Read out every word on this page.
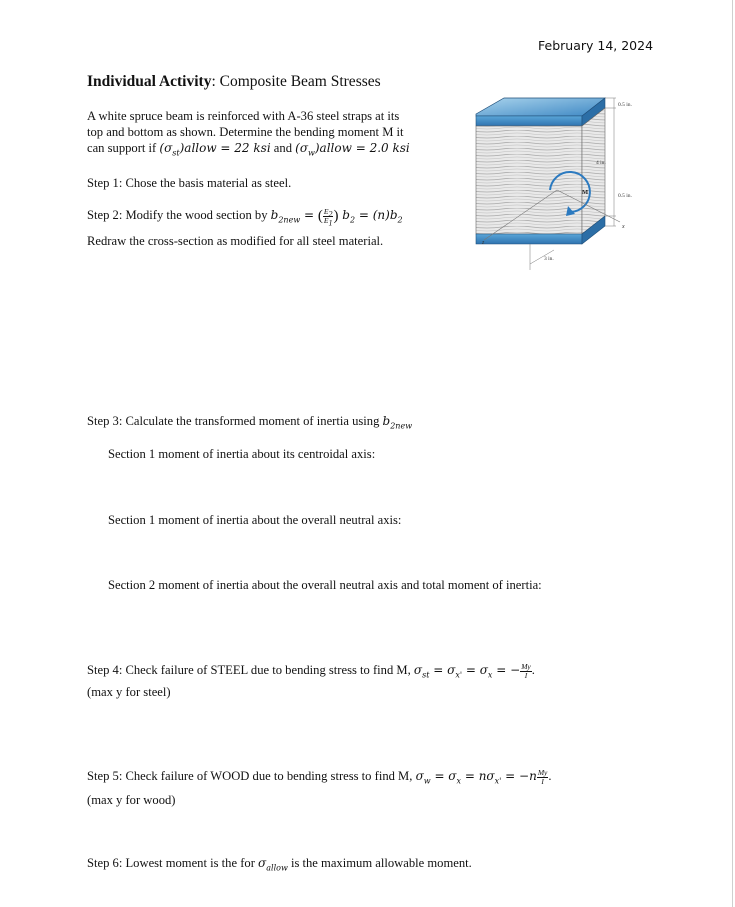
February 14, 2024
Individual Activity: Composite Beam Stresses
A white spruce beam is reinforced with A-36 steel straps at its
top and bottom as shown. Determine the bending moment M it
can support if $(\sigma_{st})allow = 22$ ksi and $(\sigma_w)allow = 2.0$ ksi
Step 1: Chose the basis material as steel.
Step 2: Modify the wood section by $b_{2new}$ = ( $\frac{E_2}{E_1}$ ) $b_2 = (n)b_2$
Redraw the cross-section as modified for all steel material.
M
z
x
0.5 in.
4 in.
0.5 in.
3 in.
Step 3: Calculate the transformed moment of inertia using $b_{2new}$
Section 1 moment of inertia about its centroidal axis:
Section 1 moment of inertia about the overall neutral axis:
Section 2 moment of inertia about the overall neutral axis and total moment of inertia:
Step 4: Check failure of STEEL due to bending stress to find M, $\sigma_{st} = \sigma_{x'} = \sigma_x$ = − $\frac{My}{I}$ .
(max y for steel)
Step 5: Check failure of WOOD due to bending stress to find M, $\sigma_w = \sigma_x = n\sigma_{x'} = -n \frac{My}{I}$ .
(max y for wood)
Step 6: Lowest moment is the for $\sigma_{allow}$ is the maximum allowable moment.
